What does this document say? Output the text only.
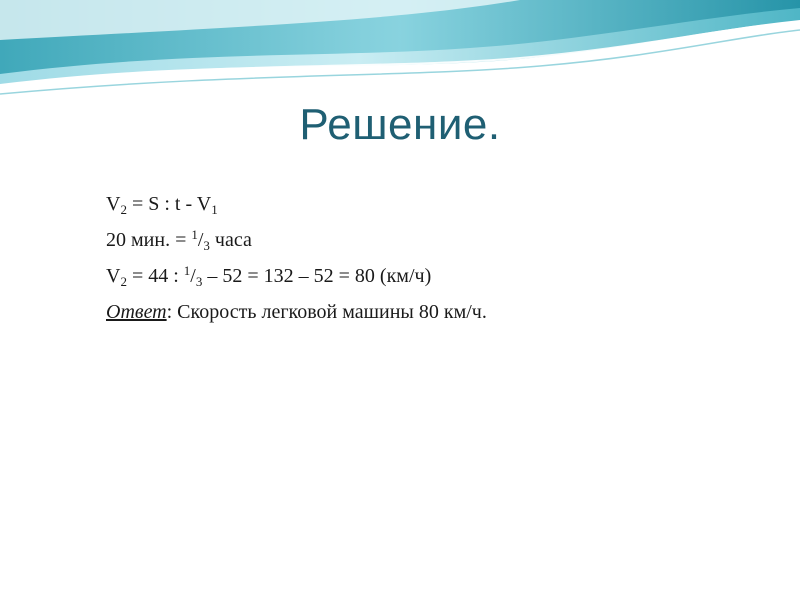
Решение.
$V_2 = S$ : t - $V_1$
20 мин. = $^1/_3$ часа
$V_2 = 44$ : $^1/_3 - 52 = 132 - 52 = 80$ (км/ч)
Ответ: Скорость легковой машины 80 км/ч.
